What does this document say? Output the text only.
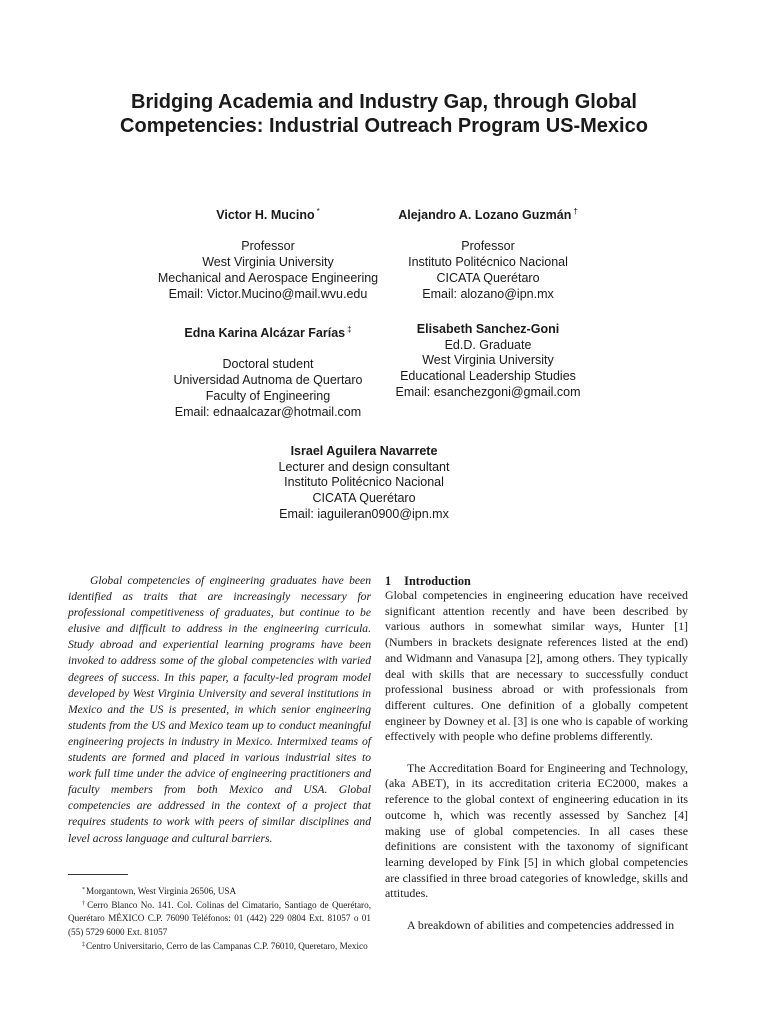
Bridging Academia and Industry Gap, through Global Competencies: Industrial Outreach Program US-Mexico
Victor H. Mucino *
Professor
West Virginia University
Mechanical and Aerospace Engineering
Email: Victor.Mucino@mail.wvu.edu
Alejandro A. Lozano Guzmán †
Professor
Instituto Politécnico Nacional
CICATA Querétaro
Email: alozano@ipn.mx
Edna Karina Alcázar Farías ‡
Doctoral student
Universidad Autnoma de Quertaro
Faculty of Engineering
Email: ednaalcazar@hotmail.com
Elisabeth Sanchez-Goni
Ed.D. Graduate
West Virginia University
Educational Leadership Studies
Email: esanchezgoni@gmail.com
Israel Aguilera Navarrete
Lecturer and design consultant
Instituto Politécnico Nacional
CICATA Querétaro
Email: iaguileran0900@ipn.mx

Global competencies of engineering graduates have been identified as traits that are increasingly necessary for professional competitiveness of graduates, but continue to be elusive and difficult to address in the engineering curricula. Study abroad and experiential learning programs have been invoked to address some of the global competencies with varied degrees of success. In this paper, a faculty-led program model developed by West Virginia University and several institutions in Mexico and the US is presented, in which senior engineering students from the US and Mexico team up to conduct meaningful engineering projects in industry in Mexico. Intermixed teams of students are formed and placed in various industrial sites to work full time under the advice of engineering practitioners and faculty members from both Mexico and USA. Global competencies are addressed in the context of a project that requires students to work with peers of similar disciplines and level across language and cultural barriers.

*Morgantown, West Virginia 26506, USA

†Cerro Blanco No. 141. Col. Colinas del Cimatario, Santiago de Querétaro, Querétaro MÉXICO C.P. 76090 Teléfonos: 01 (442) 229 0804 Ext. 81057 o 01 (55) 5729 6000 Ext. 81057

‡Centro Universitario, Cerro de las Campanas C.P. 76010, Queretaro, Mexico

1 Introduction

Global competencies in engineering education have received significant attention recently and have been described by various authors in somewhat similar ways, Hunter [1] (Numbers in brackets designate references listed at the end) and Widmann and Vanasupa [2], among others. They typically deal with skills that are necessary to successfully conduct professional business abroad or with professionals from different cultures. One definition of a globally competent engineer by Downey et al. [3] is one who is capable of working effectively with people who define problems differently.

The Accreditation Board for Engineering and Technology, (aka ABET), in its accreditation criteria EC2000, makes a reference to the global context of engineering education in its outcome h, which was recently assessed by Sanchez [4] making use of global competencies. In all cases these definitions are consistent with the taxonomy of significant learning developed by Fink [5] in which global competencies are classified in three broad categories of knowledge, skills and attitudes.

A breakdown of abilities and competencies addressed in
